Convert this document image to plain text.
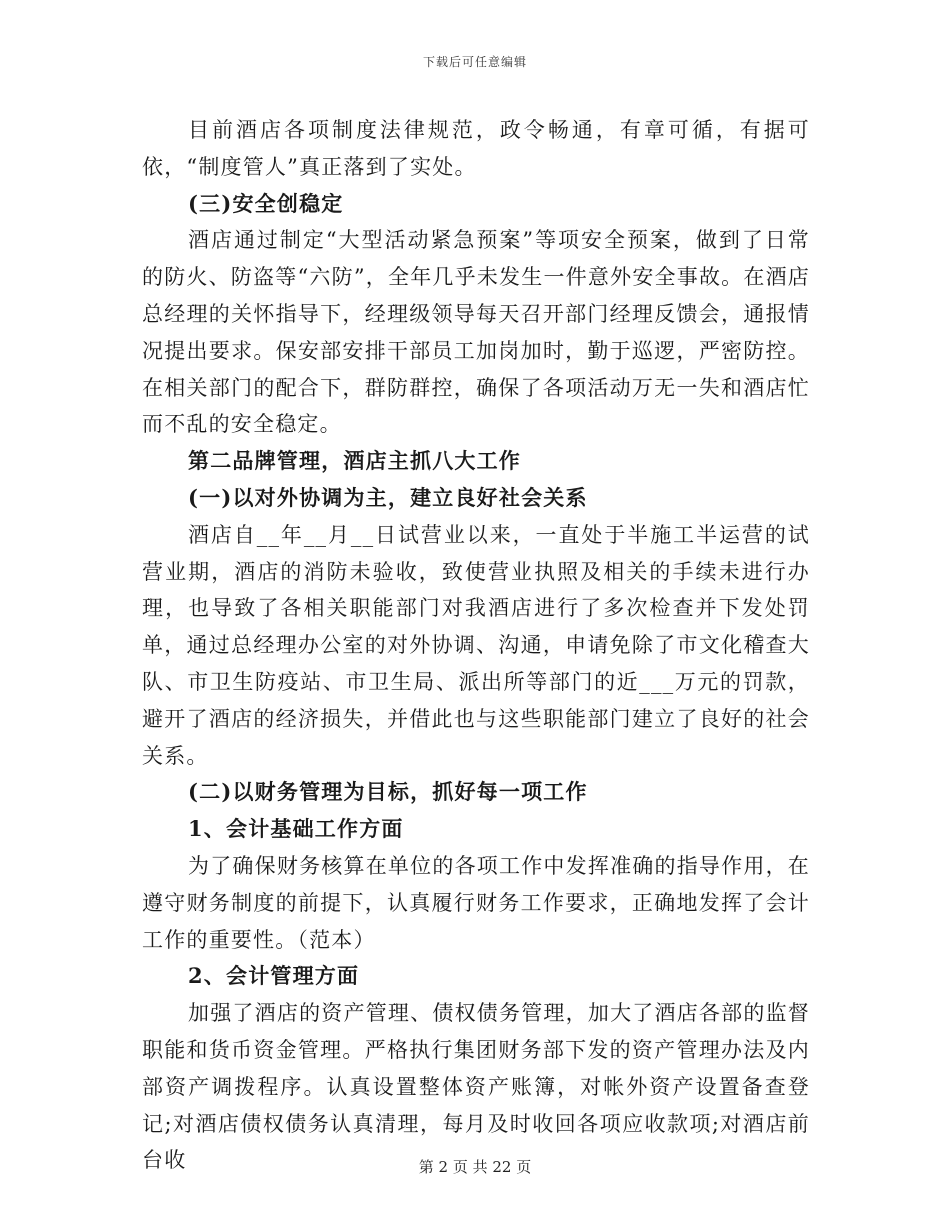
下载后可任意编辑

目前酒店各项制度法律规范，政令畅通，有章可循，有据可依，“制度管人”真正落到了实处。

(三)安全创稳定

酒店通过制定“大型活动紧急预案”等项安全预案，做到了日常的防火、防盗等“六防”，全年几乎未发生一件意外安全事故。在酒店总经理的关怀指导下，经理级领导每天召开部门经理反馈会，通报情况提出要求。保安部安排干部员工加岗加时，勤于巡逻，严密防控。在相关部门的配合下，群防群控，确保了各项活动万无一失和酒店忙而不乱的安全稳定。

第二品牌管理，酒店主抓八大工作

(一)以对外协调为主，建立良好社会关系

酒店自__年__月__日试营业以来，一直处于半施工半运营的试营业期，酒店的消防未验收，致使营业执照及相关的手续未进行办理，也导致了各相关职能部门对我酒店进行了多次检查并下发处罚单，通过总经理办公室的对外协调、沟通，申请免除了市文化稽查大队、市卫生防疫站、市卫生局、派出所等部门的近___万元的罚款，避开了酒店的经济损失，并借此也与这些职能部门建立了良好的社会关系。

(二)以财务管理为目标，抓好每一项工作

1、会计基础工作方面

为了确保财务核算在单位的各项工作中发挥准确的指导作用，在遵守财务制度的前提下，认真履行财务工作要求，正确地发挥了会计工作的重要性。（范本）

2、会计管理方面

加强了酒店的资产管理、债权债务管理，加大了酒店各部的监督职能和货币资金管理。严格执行集团财务部下发的资产管理办法及内部资产调拨程序。认真设置整体资产账簿，对帐外资产设置备查登记;对酒店债权债务认真清理，每月及时收回各项应收款项;对酒店前台收	第 2 页 共 22 页
